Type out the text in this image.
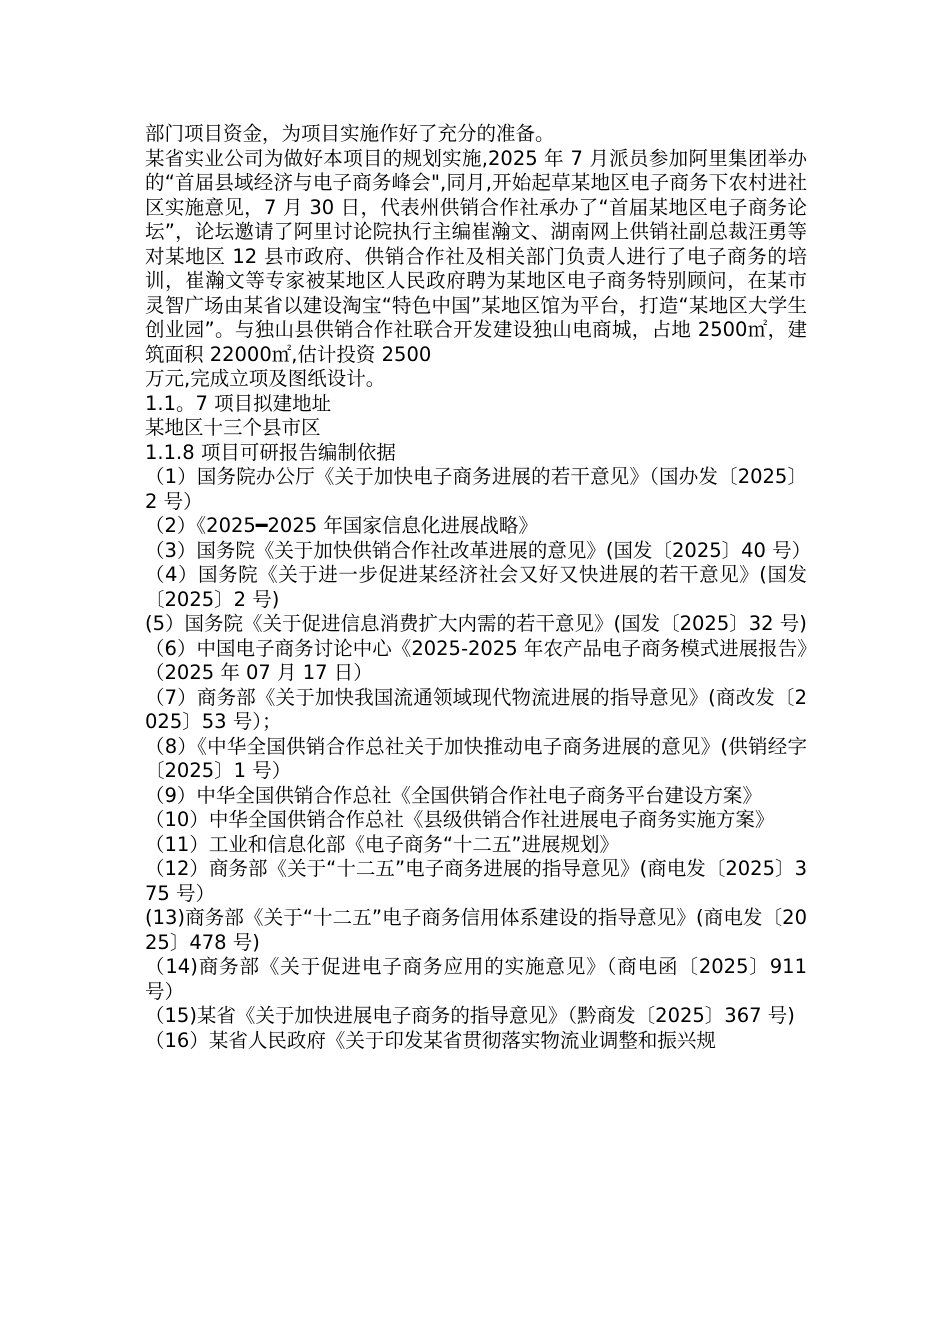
部门项目资金，为项目实施作好了充分的准备。

某省实业公司为做好本项目的规划实施,2025 年 7 月派员参加阿里集团举办的“首届县域经济与电子商务峰会",同月,开始起草某地区电子商务下农村进社区实施意见，7 月 30 日，代表州供销合作社承办了“首届某地区电子商务论坛”，论坛邀请了阿里讨论院执行主编崔瀚文、湖南网上供销社副总裁汪勇等对某地区 12 县市政府、供销合作社及相关部门负责人进行了电子商务的培训，崔瀚文等专家被某地区人民政府聘为某地区电子商务特别顾问，在某市灵智广场由某省以建设淘宝“特色中国”某地区馆为平台，打造“某地区大学生创业园”。与独山县供销合作社联合开发建设独山电商城，占地 2500㎡，建筑面积 22000㎡,估计投资 2500

万元,完成立项及图纸设计。

1.1。7 项目拟建地址

某地区十三个县市区

1.1.8 项目可研报告编制依据

（1）国务院办公厅《关于加快电子商务进展的若干意见》（国办发〔2025〕2 号）

（2）《2025━2025 年国家信息化进展战略》

（3）国务院《关于加快供销合作社改革进展的意见》(国发〔2025〕40 号）

（4）国务院《关于进一步促进某经济社会又好又快进展的若干意见》(国发〔2025〕2 号)

(5）国务院《关于促进信息消费扩大内需的若干意见》(国发〔2025〕32 号)

（6）中国电子商务讨论中心《2025-2025 年农产品电子商务模式进展报告》（2025 年 07 月 17 日）

（7）商务部《关于加快我国流通领域现代物流进展的指导意见》(商改发〔2025〕53 号）；

（8）《中华全国供销合作总社关于加快推动电子商务进展的意见》(供销经字〔2025〕1 号）

（9）中华全国供销合作总社《全国供销合作社电子商务平台建设方案》

（10）中华全国供销合作总社《县级供销合作社进展电子商务实施方案》

（11）工业和信息化部《电子商务“十二五”进展规划》

（12）商务部《关于“十二五”电子商务进展的指导意见》(商电发〔2025〕375 号）

(13)商务部《关于“十二五”电子商务信用体系建设的指导意见》(商电发〔2025〕478 号)

（14)商务部《关于促进电子商务应用的实施意见》（商电函〔2025〕911 号）

（15)某省《关于加快进展电子商务的指导意见》（黔商发〔2025〕367 号)

（16）某省人民政府《关于印发某省贯彻落实物流业调整和振兴规
